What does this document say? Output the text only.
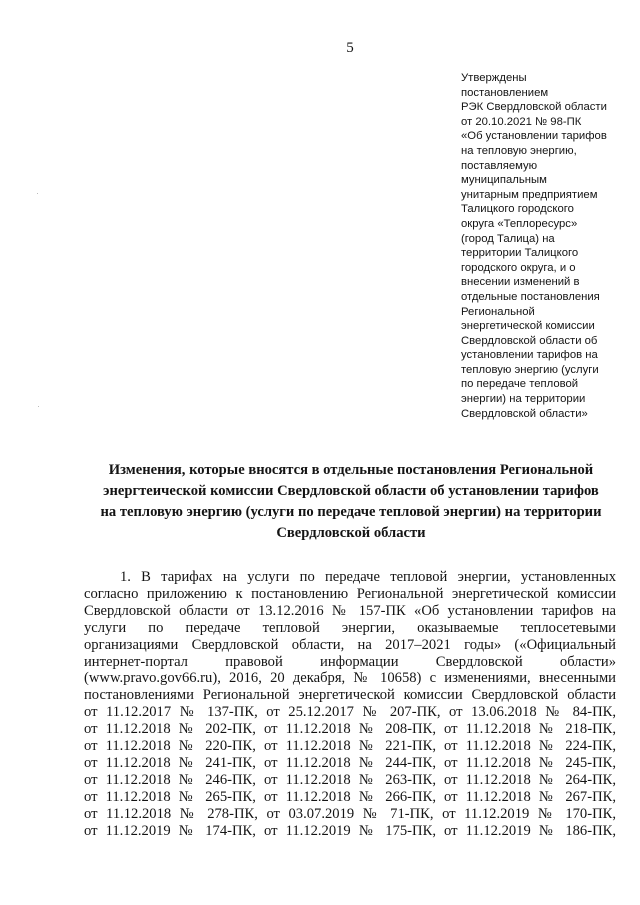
5
Утверждены
постановлением
РЭК Свердловской области
от 20.10.2021 № 98-ПК
«Об установлении тарифов
на тепловую энергию,
поставляемую
муниципальным
унитарным предприятием
Талицкого городского
округа «Теплоресурс»
(город Талица) на
территории Талицкого
городского округа, и о
внесении изменений в
отдельные постановления
Региональной
энергетической комиссии
Свердловской области об
установлении тарифов на
тепловую энергию (услуги
по передаче тепловой
энергии) на территории
Свердловской области»
Изменения, которые вносятся в отдельные постановления Региональной
энергтеической комиссии Свердловской области об установлении тарифов
на тепловую энергию (услуги по передаче тепловой энергии) на территории
Свердловской области
1. В тарифах на услуги по передаче тепловой энергии, установленных
согласно приложению к постановлению Региональной энергетической комиссии
Свердловской области от 13.12.2016 № 157-ПК «Об установлении тарифов на
услуги по передаче тепловой энергии, оказываемые теплосетевыми
организациями Свердловской области, на 2017–2021 годы» («Официальный
интернет-портал правовой информации Свердловской области»
(www.pravo.gov66.ru), 2016, 20 декабря, № 10658) с изменениями, внесенными
постановлениями Региональной энергетической комиссии Свердловской области
от 11.12.2017 № 137-ПК, от 25.12.2017 № 207-ПК, от 13.06.2018 № 84-ПК,
от 11.12.2018 № 202-ПК, от 11.12.2018 № 208-ПК, от 11.12.2018 № 218-ПК,
от 11.12.2018 № 220-ПК, от 11.12.2018 № 221-ПК, от 11.12.2018 № 224-ПК,
от 11.12.2018 № 241-ПК, от 11.12.2018 № 244-ПК, от 11.12.2018 № 245-ПК,
от 11.12.2018 № 246-ПК, от 11.12.2018 № 263-ПК, от 11.12.2018 № 264-ПК,
от 11.12.2018 № 265-ПК, от 11.12.2018 № 266-ПК, от 11.12.2018 № 267-ПК,
от 11.12.2018 № 278-ПК, от 03.07.2019 № 71-ПК, от 11.12.2019 № 170-ПК,
от 11.12.2019 № 174-ПК, от 11.12.2019 № 175-ПК, от 11.12.2019 № 186-ПК,
